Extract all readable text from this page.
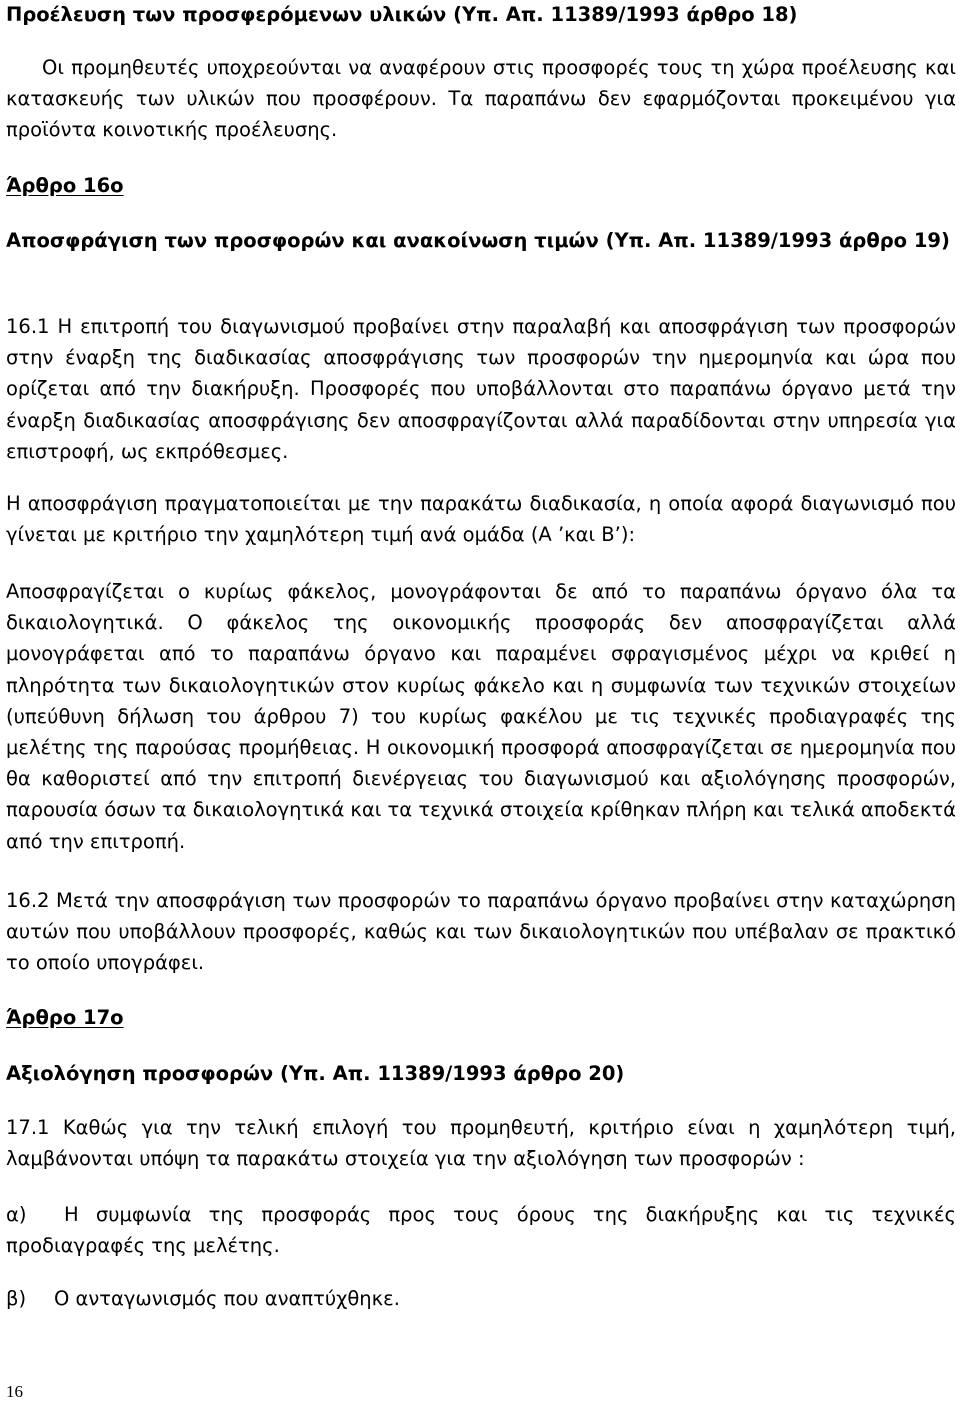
Προέλευση των προσφερόμενων υλικών (Υπ. Απ. 11389/1993 άρθρο 18)

Οι προμηθευτές υποχρεούνται να αναφέρουν στις προσφορές τους τη χώρα προέλευσης και κατασκευής των υλικών που προσφέρουν. Τα παραπάνω δεν εφαρμόζονται προκειμένου για προϊόντα κοινοτικής προέλευσης.

Άρθρο 16ο

Αποσφράγιση των προσφορών και ανακοίνωση τιμών (Υπ. Απ. 11389/1993 άρθρο 19)

16.1 Η επιτροπή του διαγωνισμού προβαίνει στην παραλαβή και αποσφράγιση των προσφορών στην έναρξη της διαδικασίας αποσφράγισης των προσφορών την ημερομηνία και ώρα που ορίζεται από την διακήρυξη. Προσφορές που υποβάλλονται στο παραπάνω όργανο μετά την έναρξη διαδικασίας αποσφράγισης δεν αποσφραγίζονται αλλά παραδίδονται στην υπηρεσία για επιστροφή, ως εκπρόθεσμες.

Η αποσφράγιση πραγματοποιείται με την παρακάτω διαδικασία, η οποία αφορά διαγωνισμό που γίνεται με κριτήριο την χαμηλότερη τιμή ανά ομάδα (Α ’και Β’):

Αποσφραγίζεται ο κυρίως φάκελος, μονογράφονται δε από το παραπάνω όργανο όλα τα δικαιολογητικά. Ο φάκελος της οικονομικής προσφοράς δεν αποσφραγίζεται αλλά μονογράφεται από το παραπάνω όργανο και παραμένει σφραγισμένος μέχρι να κριθεί η πληρότητα των δικαιολογητικών στον κυρίως φάκελο και η συμφωνία των τεχνικών στοιχείων (υπεύθυνη δήλωση του άρθρου 7) του κυρίως φακέλου με τις τεχνικές προδιαγραφές της μελέτης της παρούσας προμήθειας. Η οικονομική προσφορά αποσφραγίζεται σε ημερομηνία που θα καθοριστεί από την επιτροπή διενέργειας του διαγωνισμού και αξιολόγησης προσφορών, παρουσία όσων τα δικαιολογητικά και τα τεχνικά στοιχεία κρίθηκαν πλήρη και τελικά αποδεκτά από την επιτροπή.

16.2 Μετά την αποσφράγιση των προσφορών το παραπάνω όργανο προβαίνει στην καταχώρηση αυτών που υποβάλλουν προσφορές, καθώς και των δικαιολογητικών που υπέβαλαν σε πρακτικό το οποίο υπογράφει.

Άρθρο 17ο

Αξιολόγηση προσφορών (Υπ. Απ. 11389/1993 άρθρο 20)

17.1 Καθώς για την τελική επιλογή του προμηθευτή, κριτήριο είναι η χαμηλότερη τιμή, λαμβάνονται υπόψη τα παρακάτω στοιχεία για την αξιολόγηση των προσφορών :

α) Η συμφωνία της προσφοράς προς τους όρους της διακήρυξης και τις τεχνικές προδιαγραφές της μελέτης.

β) Ο ανταγωνισμός που αναπτύχθηκε.

16
